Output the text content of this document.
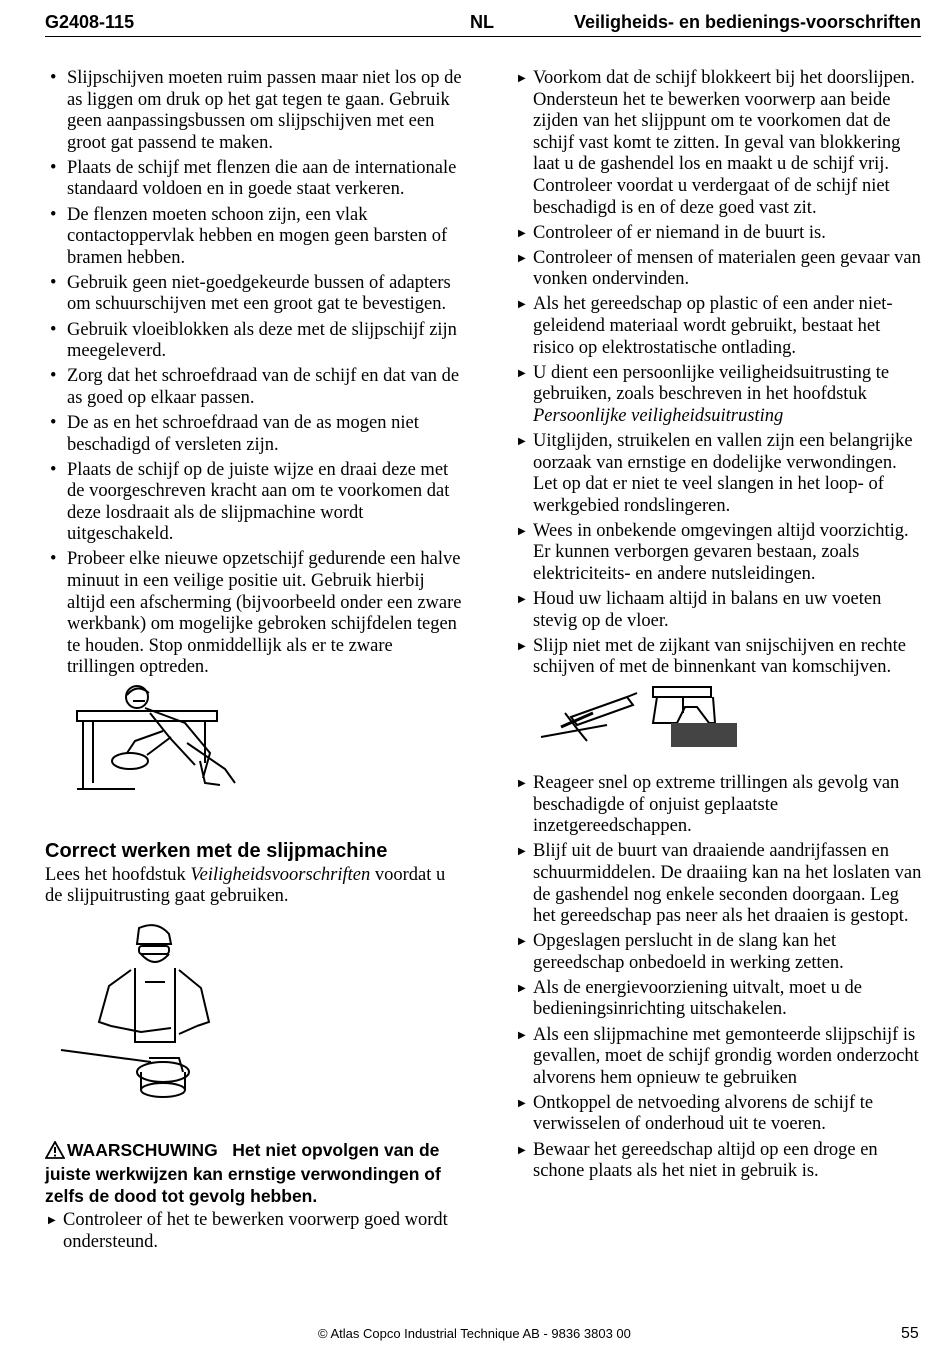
G2408-115	NL	Veiligheids- en bedienings-voorschriften
• Slijpschijven moeten ruim passen maar niet los op de as liggen om druk op het gat tegen te gaan. Gebruik geen aanpassingsbussen om slijpschijven met een groot gat passend te maken.
• Plaats de schijf met flenzen die aan de internationale standaard voldoen en in goede staat verkeren.
• De flenzen moeten schoon zijn, een vlak contactoppervlak hebben en mogen geen barsten of bramen hebben.
• Gebruik geen niet-goedgekeurde bussen of adapters om schuurschijven met een groot gat te bevestigen.
• Gebruik vloeiblokken als deze met de slijpschijf zijn meegeleverd.
• Zorg dat het schroefdraad van de schijf en dat van de as goed op elkaar passen.
• De as en het schroefdraad van de as mogen niet beschadigd of versleten zijn.
• Plaats de schijf op de juiste wijze en draai deze met de voorgeschreven kracht aan om te voorkomen dat deze losdraait als de slijpmachine wordt uitgeschakeld.
• Probeer elke nieuwe opzetschijf gedurende een halve minuut in een veilige positie uit. Gebruik hierbij altijd een afscherming (bijvoorbeeld onder een zware werkbank) om mogelijke gebroken schijfdelen tegen te houden. Stop onmiddellijk als er te zware trillingen optreden.
Correct werken met de slijpmachine

Lees het hoofdstuk Veiligheidsvoorschriften voordat u de slijpuitrusting gaat gebruiken.

WAARSCHUWING Het niet opvolgen van de juiste werkwijzen kan ernstige verwondingen of zelfs de dood tot gevolg hebben.
▶ Controleer of het te bewerken voorwerp goed wordt ondersteund.
▶ Voorkom dat de schijf blokkeert bij het doorslijpen. Ondersteun het te bewerken voorwerp aan beide zijden van het slijppunt om te voorkomen dat de schijf vast komt te zitten. In geval van blokkering laat u de gashendel los en maakt u de schijf vrij. Controleer voordat u verdergaat of de schijf niet beschadigd is en of deze goed vast zit.
▶ Controleer of er niemand in de buurt is.
▶ Controleer of mensen of materialen geen gevaar van vonken ondervinden.
▶ Als het gereedschap op plastic of een ander niet-geleidend materiaal wordt gebruikt, bestaat het risico op elektrostatische ontlading.
▶ U dient een persoonlijke veiligheidsuitrusting te gebruiken, zoals beschreven in het hoofdstuk Persoonlijke veiligheidsuitrusting
▶ Uitglijden, struikelen en vallen zijn een belangrijke oorzaak van ernstige en dodelijke verwondingen. Let op dat er niet te veel slangen in het loop- of werkgebied rondslingeren.
▶ Wees in onbekende omgevingen altijd voorzichtig. Er kunnen verborgen gevaren bestaan, zoals elektriciteits- en andere nutsleidingen.
▶ Houd uw lichaam altijd in balans en uw voeten stevig op de vloer.
▶ Slijp niet met de zijkant van snijschijven en rechte schijven of met de binnenkant van komschijven.
▶ Reageer snel op extreme trillingen als gevolg van beschadigde of onjuist geplaatste inzetgereedschappen.
▶ Blijf uit de buurt van draaiende aandrijfassen en schuurmiddelen. De draaiing kan na het loslaten van de gashendel nog enkele seconden doorgaan. Leg het gereedschap pas neer als het draaien is gestopt.
▶ Opgeslagen perslucht in de slang kan het gereedschap onbedoeld in werking zetten.
▶ Als de energievoorziening uitvalt, moet u de bedieningsinrichting uitschakelen.
▶ Als een slijpmachine met gemonteerde slijpschijf is gevallen, moet de schijf grondig worden onderzocht alvorens hem opnieuw te gebruiken
▶ Ontkoppel de netvoeding alvorens de schijf te verwisselen of onderhoud uit te voeren.
▶ Bewaar het gereedschap altijd op een droge en schone plaats als het niet in gebruik is.
© Atlas Copco Industrial Technique AB - 9836 3803 00	55
